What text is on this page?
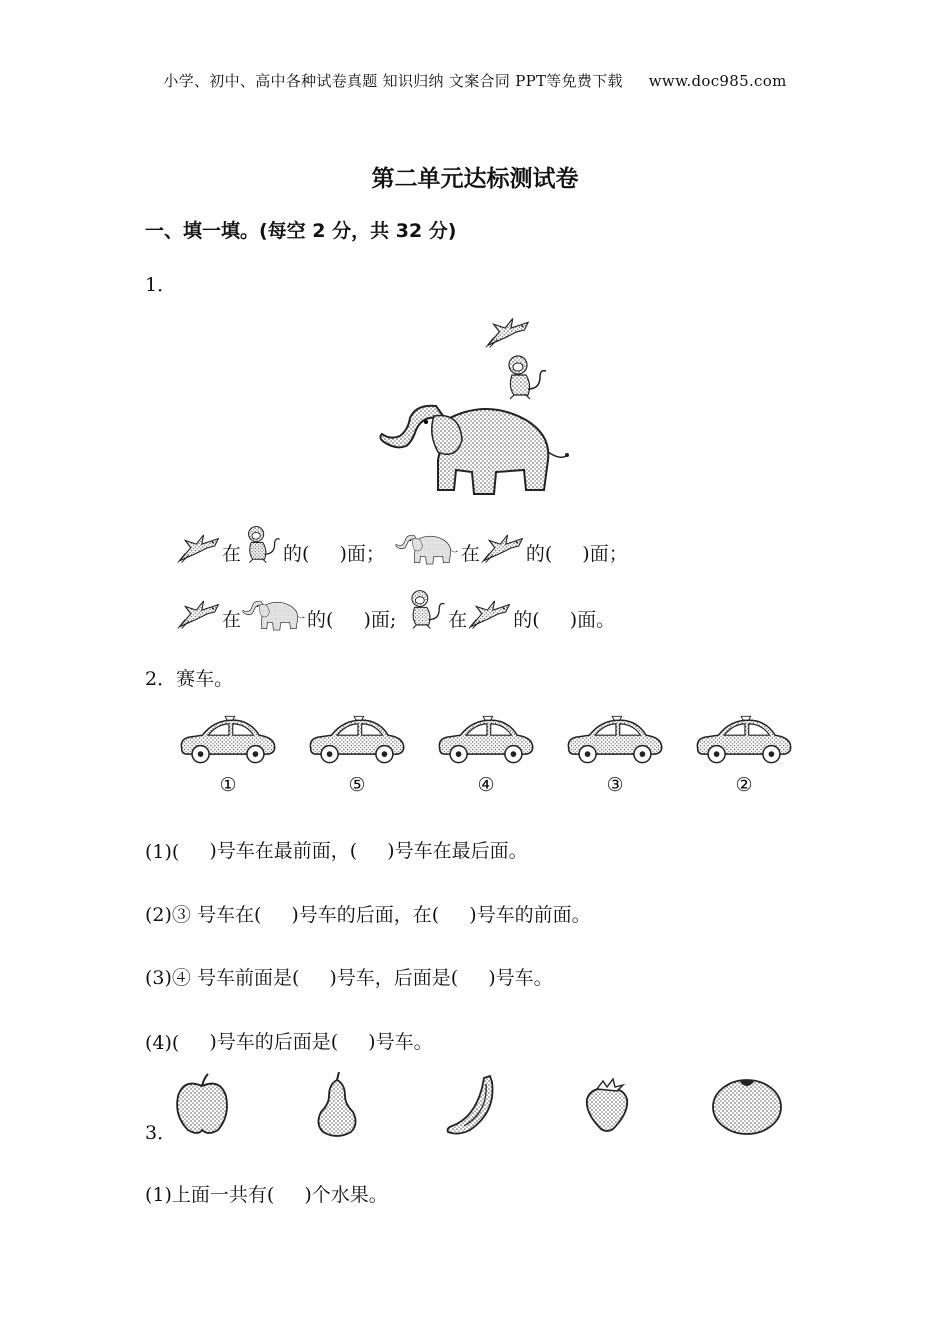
小学、初中、高中各种试卷真题 知识归纳 文案合同 PPT等免费下载 www.doc985.com
第二单元达标测试卷
一、填一填。(每空 2 分，共 32 分)
1．
在 的( )面；	在 的( )面；
在	的( )面;	在 的( )面。
2．赛车。
①	⑤	④	③	②
(1)( )号车在最前面，( )号车在最后面。
(2)③ 号车在( )号车的后面，在( )号车的前面。
(3)④ 号车前面是( )号车，后面是( )号车。
(4)( )号车的后面是( )号车。
3．
(1)上面一共有( )个水果。
